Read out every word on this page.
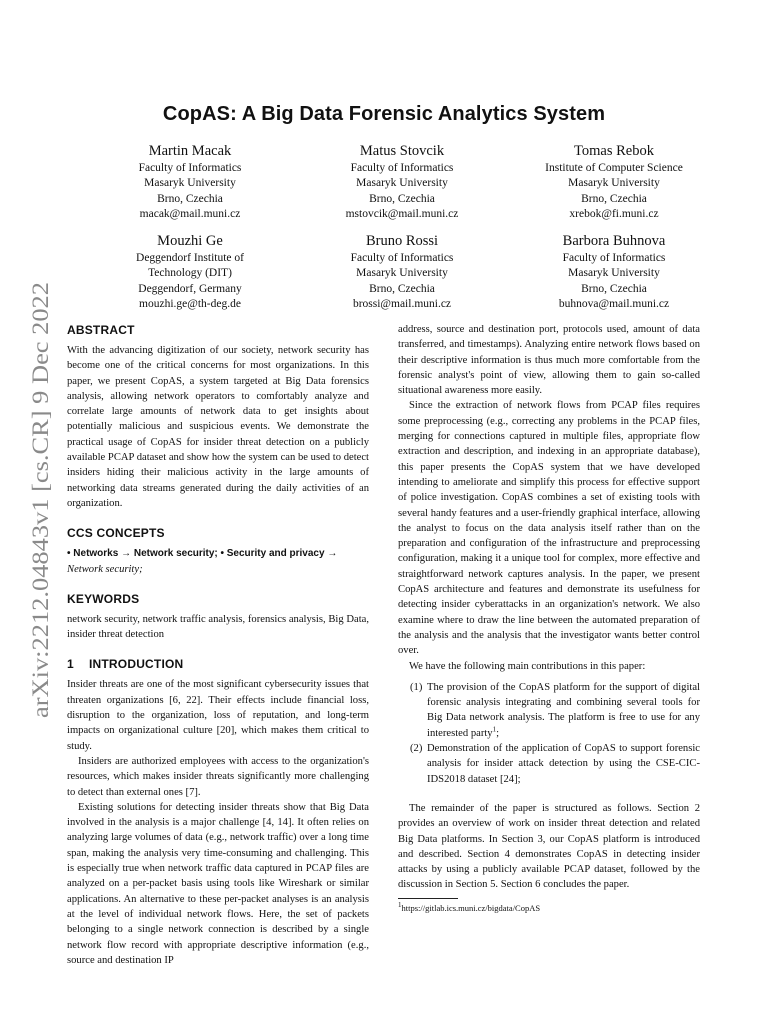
arXiv:2212.04843v1 [cs.CR] 9 Dec 2022
CopAS: A Big Data Forensic Analytics System
Martin Macak
Faculty of Informatics
Masaryk University
Brno, Czechia
macak@mail.muni.cz
Matus Stovcik
Faculty of Informatics
Masaryk University
Brno, Czechia
mstovcik@mail.muni.cz
Tomas Rebok
Institute of Computer Science
Masaryk University
Brno, Czechia
xrebok@fi.muni.cz
Mouzhi Ge
Deggendorf Institute of
Technology (DIT)
Deggendorf, Germany
mouzhi.ge@th-deg.de
Bruno Rossi
Faculty of Informatics
Masaryk University
Brno, Czechia
brossi@mail.muni.cz
Barbora Buhnova
Faculty of Informatics
Masaryk University
Brno, Czechia
buhnova@mail.muni.cz
ABSTRACT

With the advancing digitization of our society, network security has become one of the critical concerns for most organizations. In this paper, we present CopAS, a system targeted at Big Data forensics analysis, allowing network operators to comfortably analyze and correlate large amounts of network data to get insights about potentially malicious and suspicious events. We demonstrate the practical usage of CopAS for insider threat detection on a publicly available PCAP dataset and show how the system can be used to detect insiders hiding their malicious activity in the large amounts of networking data streams generated during the daily activities of an organization.

CCS CONCEPTS

• Networks → Network security; • Security and privacy →
Network security;

KEYWORDS

network security, network traffic analysis, forensics analysis, Big Data, insider threat detection

1 INTRODUCTION

Insider threats are one of the most significant cybersecurity issues that threaten organizations [6, 22]. Their effects include financial loss, disruption to the organization, loss of reputation, and long-term impacts on organizational culture [20], which makes them critical to study.

Insiders are authorized employees with access to the organization's resources, which makes insider threats significantly more challenging to detect than external ones [7].

Existing solutions for detecting insider threats show that Big Data involved in the analysis is a major challenge [4, 14]. It often relies on analyzing large volumes of data (e.g., network traffic) over a long time span, making the analysis very time-consuming and challenging. This is especially true when network traffic data captured in PCAP files are analyzed on a per-packet basis using tools like Wireshark or similar applications. An alternative to these per-packet analyses is an analysis at the level of individual network flows. Here, the set of packets belonging to a single network connection is described by a single network flow record with appropriate descriptive information (e.g., source and destination IP

address, source and destination port, protocols used, amount of data transferred, and timestamps). Analyzing entire network flows based on their descriptive information is thus much more comfortable from the forensic analyst's point of view, allowing them to gain so-called situational awareness more easily.

Since the extraction of network flows from PCAP files requires some preprocessing (e.g., correcting any problems in the PCAP files, merging for connections captured in multiple files, appropriate flow extraction and description, and indexing in an appropriate database), this paper presents the CopAS system that we have developed intending to ameliorate and simplify this process for effective support of police investigation. CopAS combines a set of existing tools with several handy features and a user-friendly graphical interface, allowing the analyst to focus on the data analysis itself rather than on the preparation and configuration of the infrastructure and preprocessing configuration, making it a unique tool for complex, more effective and straightforward network captures analysis. In the paper, we present CopAS architecture and features and demonstrate its usefulness for detecting insider cyberattacks in an organization's network. We also examine where to draw the line between the automated preparation of the analysis and the analysis that the investigator wants better control over.

We have the following main contributions in this paper:

(1) The provision of the CopAS platform for the support of digital forensic analysis integrating and combining several tools for Big Data network analysis. The platform is free to use for any interested party$^1$;
(2) Demonstration of the application of CopAS to support forensic analysis for insider attack detection by using the CSE-CIC-IDS2018 dataset [24];

The remainder of the paper is structured as follows. Section 2 provides an overview of work on insider threat detection and related Big Data platforms. In Section 3, our CopAS platform is introduced and described. Section 4 demonstrates CopAS in detecting insider attacks by using a publicly available PCAP dataset, followed by the discussion in Section 5. Section 6 concludes the paper.

$^1$https://gitlab.ics.muni.cz/bigdata/CopAS
